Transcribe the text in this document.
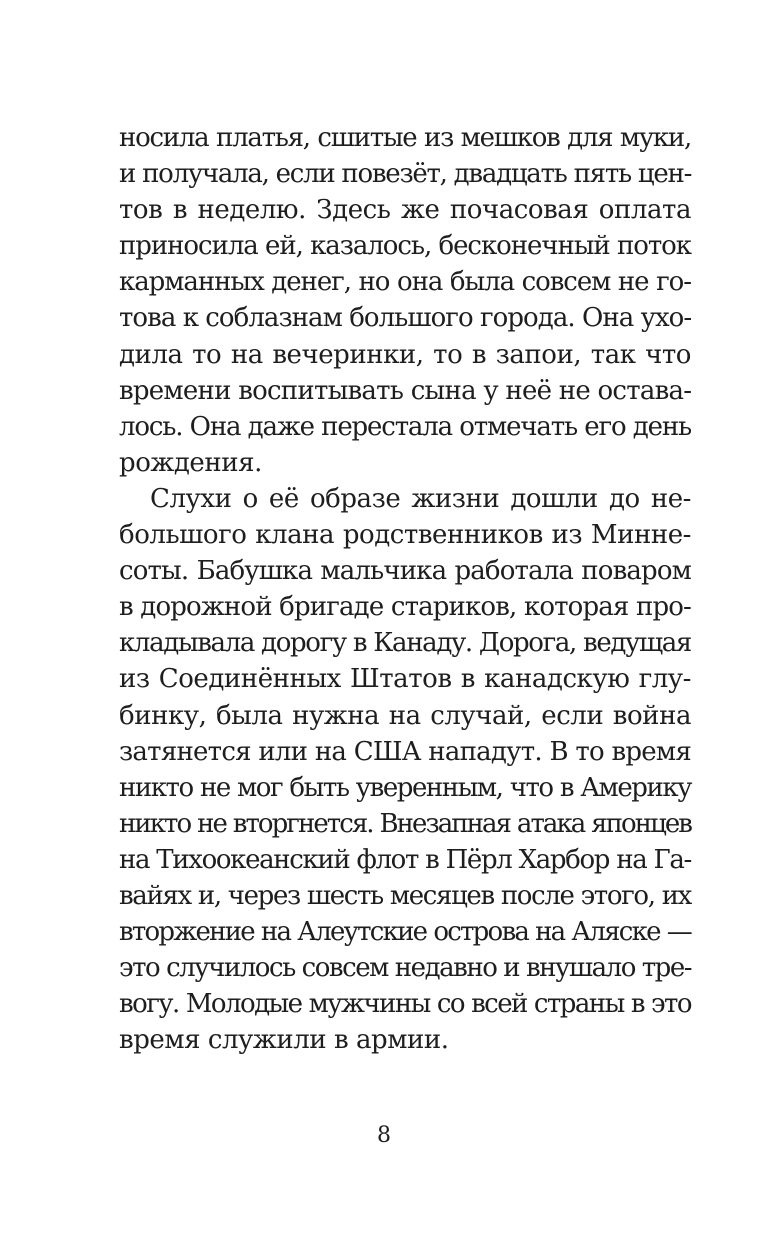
носила платья, сшитые из мешков для муки,
и получала, если повезёт, двадцать пять цен-
тов в неделю. Здесь же почасовая оплата
приносила ей, казалось, бесконечный поток
карманных денег, но она была совсем не го-
това к соблазнам большого города. Она ухо-
дила то на вечеринки, то в запои, так что
времени воспитывать сына у неё не остава-
лось. Она даже перестала отмечать его день
рождения.
Слухи о её образе жизни дошли до не-
большого клана родственников из Минне-
соты. Бабушка мальчика работала поваром
в дорожной бригаде стариков, которая про-
кладывала дорогу в Канаду. Дорога, ведущая
из Соединённых Штатов в канадскую глу-
бинку, была нужна на случай, если война
затянется или на США нападут. В то время
никто не мог быть уверенным, что в Америку
никто не вторгнется. Внезапная атака японцев
на Тихоокеанский флот в Пёрл Харбор на Га-
вайях и, через шесть месяцев после этого, их
вторжение на Алеутские острова на Аляске —
это случилось совсем недавно и внушало тре-
вогу. Молодые мужчины со всей страны в это
время служили в армии.
8
